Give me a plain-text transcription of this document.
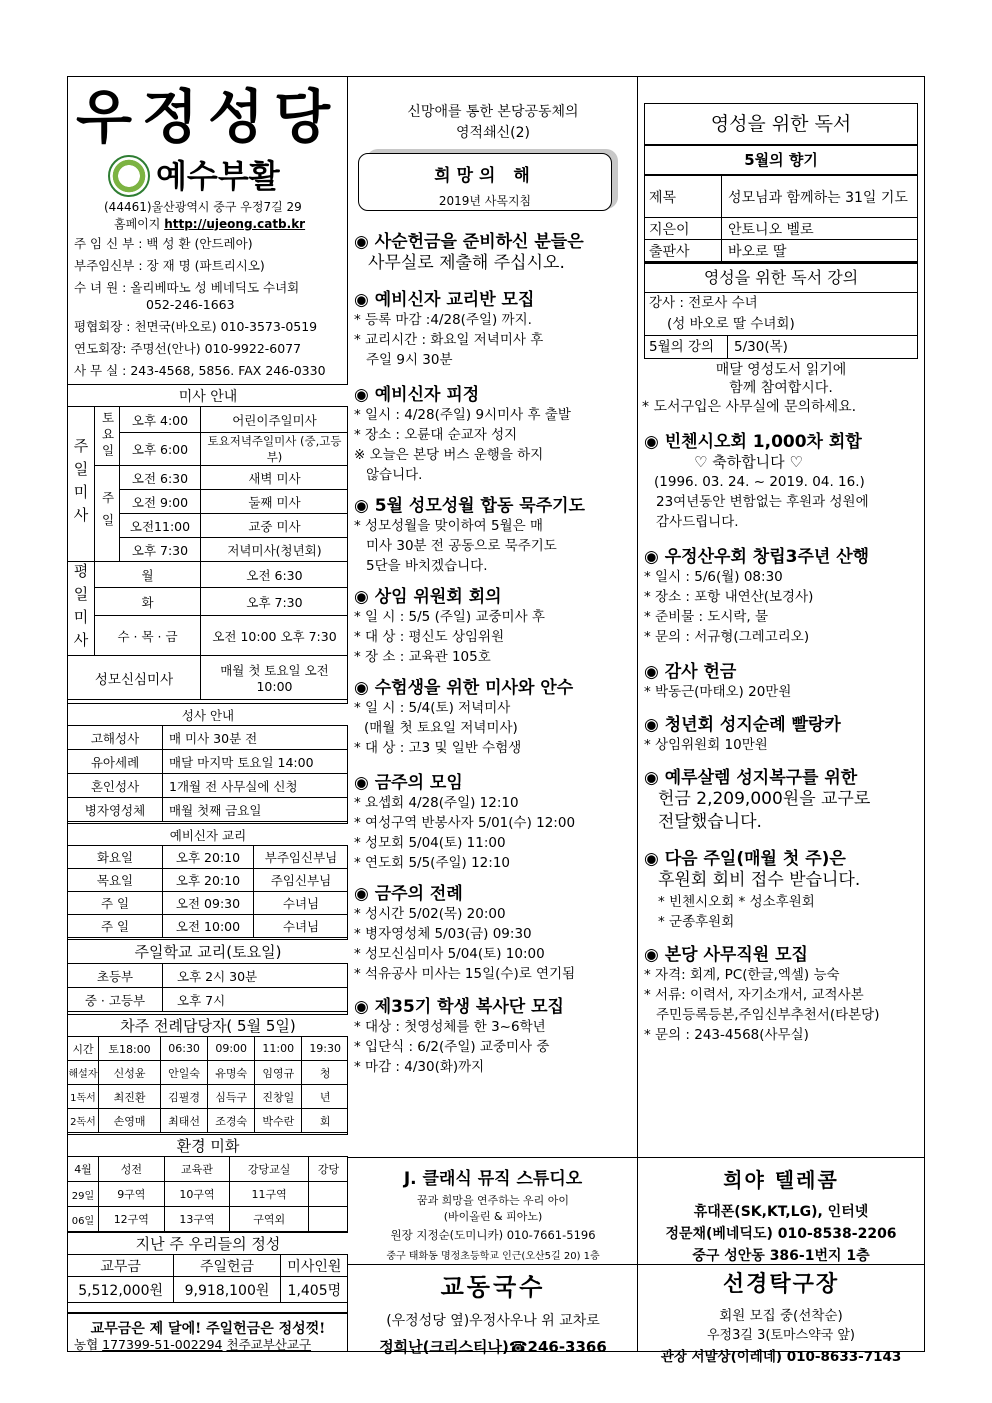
우정성당
예수부활
(44461)울산광역시 중구 우정7길 29
홈페이지 http://ujeong.catb.kr
주 임 신 부 : 백 성 환 (안드레아)
부주임신부 : 장 재 명 (파트리시오)
수 녀 원 : 올리베따노 성 베네딕도 수녀회
052-246-1663
평협회장 : 천면국(바오로) 010-3573-0519
연도회장: 주명선(안나) 010-9922-6077
사 무 실 : 243-4568, 5856. FAX 246-0330
미사 안내			
주일미사	토요일	오후 4:00	어린이주일미사
		오후 6:00	토요저녁주일미사 (중,고등부)
	주일	오전 6:30	새벽 미사
		오전 9:00	둘째 미사
		오전11:00	교중 미사
		오후 7:30	저녁미사(청년회)
평일미사	월		오전 6:30
	화		오후 7:30
	수 · 목 · 금		오전 10:00 오후 7:30
성모신심미사			매월 첫 토요일 오전 10:00
성사 안내	
고해성사	매 미사 30분 전
유아세례	매달 마지막 토요일 14:00
혼인성사	1개월 전 사무실에 신청
병자영성체	매월 첫째 금요일
예비신자 교리		
화요일	오후 20:10	부주임신부님
목요일	오후 20:10	주임신부님
주 일	오전 09:30	수녀님
주 일	오전 10:00	수녀님
주일학교 교리(토요일)	
초등부	오후 2시 30분
중 · 고등부	오후 7시
차주 전례담당자( 5월 5일)					
시간	토18:00	06:30	09:00	11:00	19:30
해설자	신성윤	안일숙	유명숙	임영규	청
1독서	최진환	김필경	심득구	진창일	년
2독서	손영매	최태선	조경숙	박수란	회
환경 미화				
4월	성전	교육관	강당교실	강당
29일	9구역	10구역	11구역	
06일	12구역	13구역	구역외	
지난 주 우리들의 정성		
교무금	주일헌금	미사인원
5,512,000원	9,918,100원	1,405명
교무금은 제 달에! 주일헌금은 정성껏!
농협 177399-51-002294 천주교부산교구
신망애를 통한 본당공동체의
영적쇄신(2)
희망의 해
2019년 사목지침
◉ 사순헌금을 준비하신 분들은
사무실로 제출해 주십시오.
◉ 예비신자 교리반 모집
* 등록 마감 :4/28(주일) 까지.
* 교리시간 : 화요일 저녁미사 후
주일 9시 30분
◉ 예비신자 피정
* 일시 : 4/28(주일) 9시미사 후 출발
* 장소 : 오륜대 순교자 성지
※ 오늘은 본당 버스 운행을 하지
않습니다.
◉ 5월 성모성월 합동 묵주기도
* 성모성월을 맞이하여 5월은 매
미사 30분 전 공동으로 묵주기도
5단을 바치겠습니다.
◉ 상임 위원회 회의
* 일 시 : 5/5 (주일) 교중미사 후
* 대 상 : 평신도 상임위원
* 장 소 : 교육관 105호
◉ 수험생을 위한 미사와 안수
* 일 시 : 5/4(토) 저녁미사
(매월 첫 토요일 저녁미사)
* 대 상 : 고3 및 일반 수험생
◉ 금주의 모임
* 요셉회 4/28(주일) 12:10
* 여성구역 반봉사자 5/01(수) 12:00
* 성모회 5/04(토) 11:00
* 연도회 5/5(주일) 12:10
◉ 금주의 전례
* 성시간 5/02(목) 20:00
* 병자영성체 5/03(금) 09:30
* 성모신심미사 5/04(토) 10:00
* 석유공사 미사는 15일(수)로 연기됨
◉ 제35기 학생 복사단 모집
* 대상 : 첫영성체를 한 3~6학년
* 입단식 : 6/2(주일) 교중미사 중
* 마감 : 4/30(화)까지
영성을 위한 독서
5월의 향기
제목	성모님과 함께하는 31일 기도
지은이	안토니오 벨로
출판사	바오로 딸
영성을 위한 독서 강의
강사 : 전로사 수녀
(성 바오로 딸 수녀회)
5월의 강의	5/30(목)
매달 영성도서 읽기에
함께 참여합시다.
* 도서구입은 사무실에 문의하세요.
◉ 빈첸시오회 1,000차 회합
♡ 축하합니다 ♡
(1996. 03. 24. ~ 2019. 04. 16.)
23여년동안 변함없는 후원과 성원에
감사드립니다.
◉ 우정산우회 창립3주년 산행
* 일시 : 5/6(월) 08:30
* 장소 : 포항 내연산(보경사)
* 준비물 : 도시락, 물
* 문의 : 서규형(그레고리오)
◉ 감사 헌금
* 박동근(마태오) 20만원
◉ 청년회 성지순례 빨랑카
* 상임위원회 10만원
◉ 예루살렘 성지복구를 위한
헌금 2,209,000원을 교구로
전달했습니다.
◉ 다음 주일(매월 첫 주)은
후원회 회비 접수 받습니다.
* 빈첸시오회 * 성소후원회
* 군종후원회
◉ 본당 사무직원 모집
* 자격: 회계, PC(한글,엑셀) 능숙
* 서류: 이력서, 자기소개서, 교적사본
주민등록등본,주임신부추천서(타본당)
* 문의 : 243-4568(사무실)
J. 클래식 뮤직 스튜디오
꿈과 희망을 연주하는 우리 아이
(바이올린 & 피아노)
원장 지정순(도미니카) 010-7661-5196
중구 태화동 명정초등학교 인근(오산5길 20) 1층
희야 텔레콤
휴대폰(SK,KT,LG), 인터넷
정문채(베네딕도) 010-8538-2206
중구 성안동 386-1번지 1층
교동국수
(우정성당 옆)우정사우나 위 교차로
정희난(크리스티나)☎246-3366
선경탁구장
회원 모집 중(선착순)
우정3길 3(토마스약국 앞)
관장 서말상(이레네) 010-8633-7143
